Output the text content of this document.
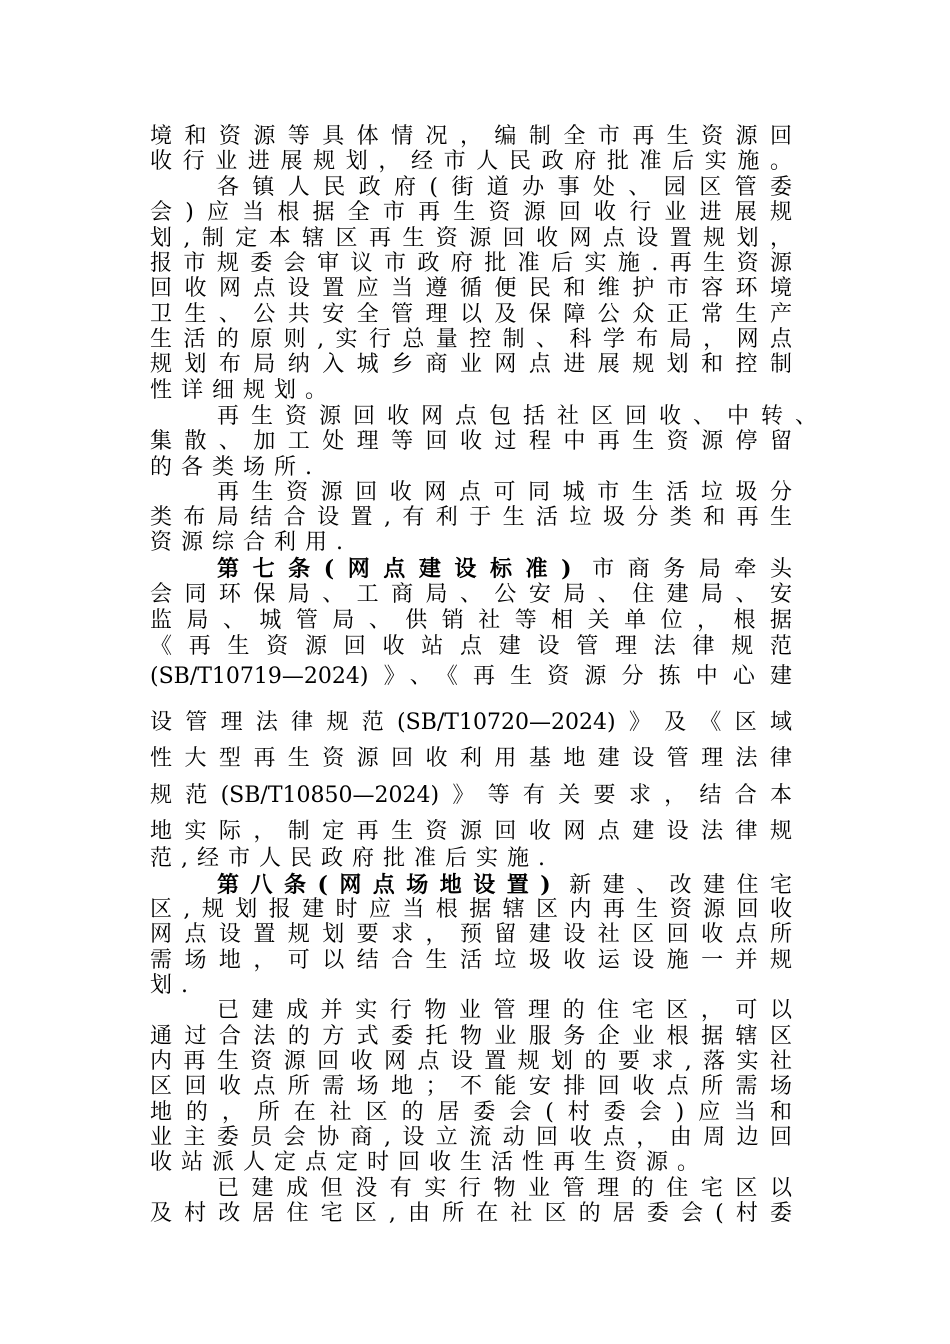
境和资源等具体情况，编制全市再生资源回
收行业进展规划，经市人民政府批准后实施。
各镇人民政府(街道办事处、园区管委
会)应当根据全市再生资源回收行业进展规
划,制定本辖区再生资源回收网点设置规划，
报市规委会审议市政府批准后实施.再生资源
回收网点设置应当遵循便民和维护市容环境
卫生、公共安全管理以及保障公众正常生产
生活的原则,实行总量控制、科学布局，网点
规划布局纳入城乡商业网点进展规划和控制
性详细规划。
再生资源回收网点包括社区回收、中转、
集散、加工处理等回收过程中再生资源停留
的各类场所.
再生资源回收网点可同城市生活垃圾分
类布局结合设置,有利于生活垃圾分类和再生
资源综合利用.
第七条(网点建设标准) 市商务局牵头
会同环保局、工商局、公安局、住建局、安
监局、城管局、供销社等相关单位，根据
《再生资源回收站点建设管理法律规范
(SB/T10719—2024)》、《再生资源分拣中心建
设管理法律规范(SB/T10720—2024)》及《区域
性大型再生资源回收利用基地建设管理法律
规范(SB/T10850—2024)》等有关要求，结合本
地实际，制定再生资源回收网点建设法律规
范,经市人民政府批准后实施.
第八条(网点场地设置) 新建、改建住宅
区,规划报建时应当根据辖区内再生资源回收
网点设置规划要求，预留建设社区回收点所
需场地，可以结合生活垃圾收运设施一并规
划.
已建成并实行物业管理的住宅区，可以
通过合法的方式委托物业服务企业根据辖区
内再生资源回收网点设置规划的要求,落实社
区回收点所需场地；不能安排回收点所需场
地的，所在社区的居委会(村委会)应当和
业主委员会协商,设立流动回收点，由周边回
收站派人定点定时回收生活性再生资源。
已建成但没有实行物业管理的住宅区以
及村改居住宅区,由所在社区的居委会(村委
